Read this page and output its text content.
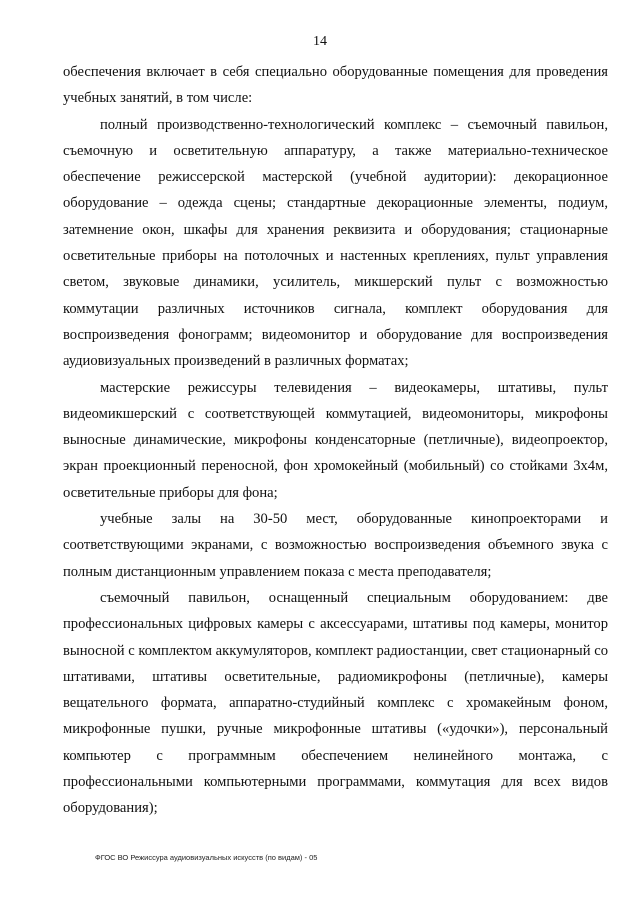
14

обеспечения включает в себя специально оборудованные помещения для проведения учебных занятий, в том числе:

полный производственно-технологический комплекс – съемочный павильон, съемочную и осветительную аппаратуру, а также материально-техническое обеспечение режиссерской мастерской (учебной аудитории): декорационное оборудование – одежда сцены; стандартные декорационные элементы, подиум, затемнение окон, шкафы для хранения реквизита и оборудования; стационарные осветительные приборы на потолочных и настенных креплениях, пульт управления светом, звуковые динамики, усилитель, микшерский пульт с возможностью коммутации различных источников сигнала, комплект оборудования для воспроизведения фонограмм; видеомонитор и оборудование для воспроизведения аудиовизуальных произведений в различных форматах;

мастерские режиссуры телевидения – видеокамеры, штативы, пульт видеомикшерский с соответствующей коммутацией, видеомониторы, микрофоны выносные динамические, микрофоны конденсаторные (петличные), видеопроектор, экран проекционный переносной, фон хромокейный (мобильный) со стойками 3х4м, осветительные приборы для фона;

учебные залы на 30-50 мест, оборудованные кинопроекторами и соответствующими экранами, с возможностью воспроизведения объемного звука с полным дистанционным управлением показа с места преподавателя;

съемочный павильон, оснащенный специальным оборудованием: две профессиональных цифровых камеры с аксессуарами, штативы под камеры, монитор выносной с комплектом аккумуляторов, комплект радиостанции, свет стационарный со штативами, штативы осветительные, радиомикрофоны (петличные), камеры вещательного формата, аппаратно-студийный комплекс с хромакейным фоном, микрофонные пушки, ручные микрофонные штативы («удочки»), персональный компьютер с программным обеспечением нелинейного монтажа, с профессиональными компьютерными программами, коммутация для всех видов оборудования);

ФГОС ВО Режиссура аудиовизуальных искусств (по видам) - 05
